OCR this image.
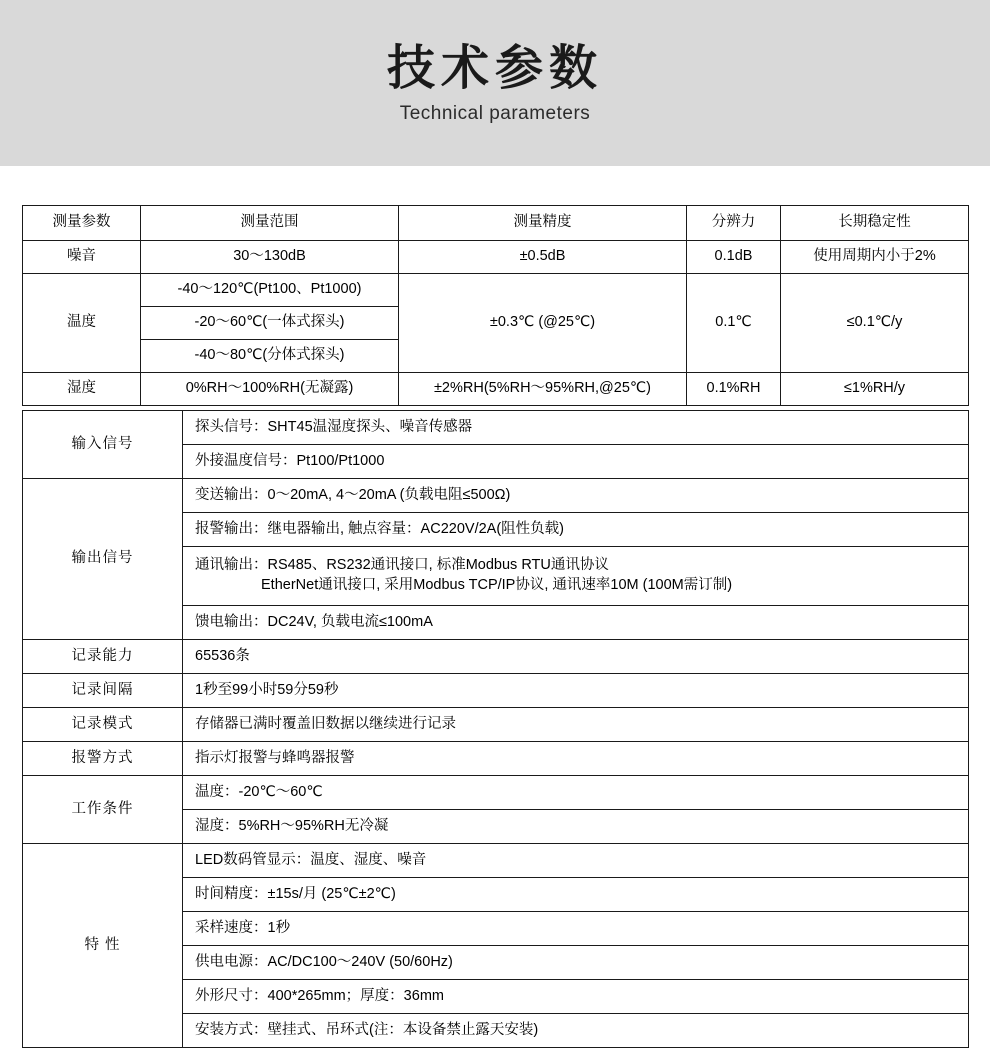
技术参数
Technical parameters
测量参数	测量范围	测量精度	分辨力	长期稳定性
噪音	30～130dB	±0.5dB	0.1dB	使用周期内小于2%
温度	-40～120℃(Pt100、Pt1000)	±0.3℃ (@25℃)	0.1℃	≤0.1℃/y
	-20～60℃(一体式探头)			
	-40～80℃(分体式探头)			
湿度	0%RH～100%RH(无凝露)	±2%RH(5%RH～95%RH,@25℃)	0.1%RH	≤1%RH/y
输入信号	探头信号：SHT45温湿度探头、噪音传感器
	外接温度信号：Pt100/Pt1000
输出信号	变送输出：0～20mA, 4～20mA (负载电阻≤500Ω)
	报警输出：继电器输出, 触点容量：AC220V/2A(阻性负载)

	通讯输出：RS485、RS232通讯接口, 标准Modbus RTU通讯协议
EtherNet通讯接口, 采用Modbus TCP/IP协议, 通讯速率10M (100M需订制)

	馈电输出：DC24V, 负载电流≤100mA
记录能力	65536条
记录间隔	1秒至99小时59分59秒
记录模式	存储器已满时覆盖旧数据以继续进行记录
报警方式	指示灯报警与蜂鸣器报警
工作条件	温度：-20℃～60℃
	湿度：5%RH～95%RH无冷凝
特 性	LED数码管显示：温度、湿度、噪音
	时间精度：±15s/月 (25℃±2℃)
	采样速度：1秒
	供电电源：AC/DC100～240V (50/60Hz)
	外形尺寸：400*265mm；厚度：36mm
	安装方式：壁挂式、吊环式(注：本设备禁止露天安装)
